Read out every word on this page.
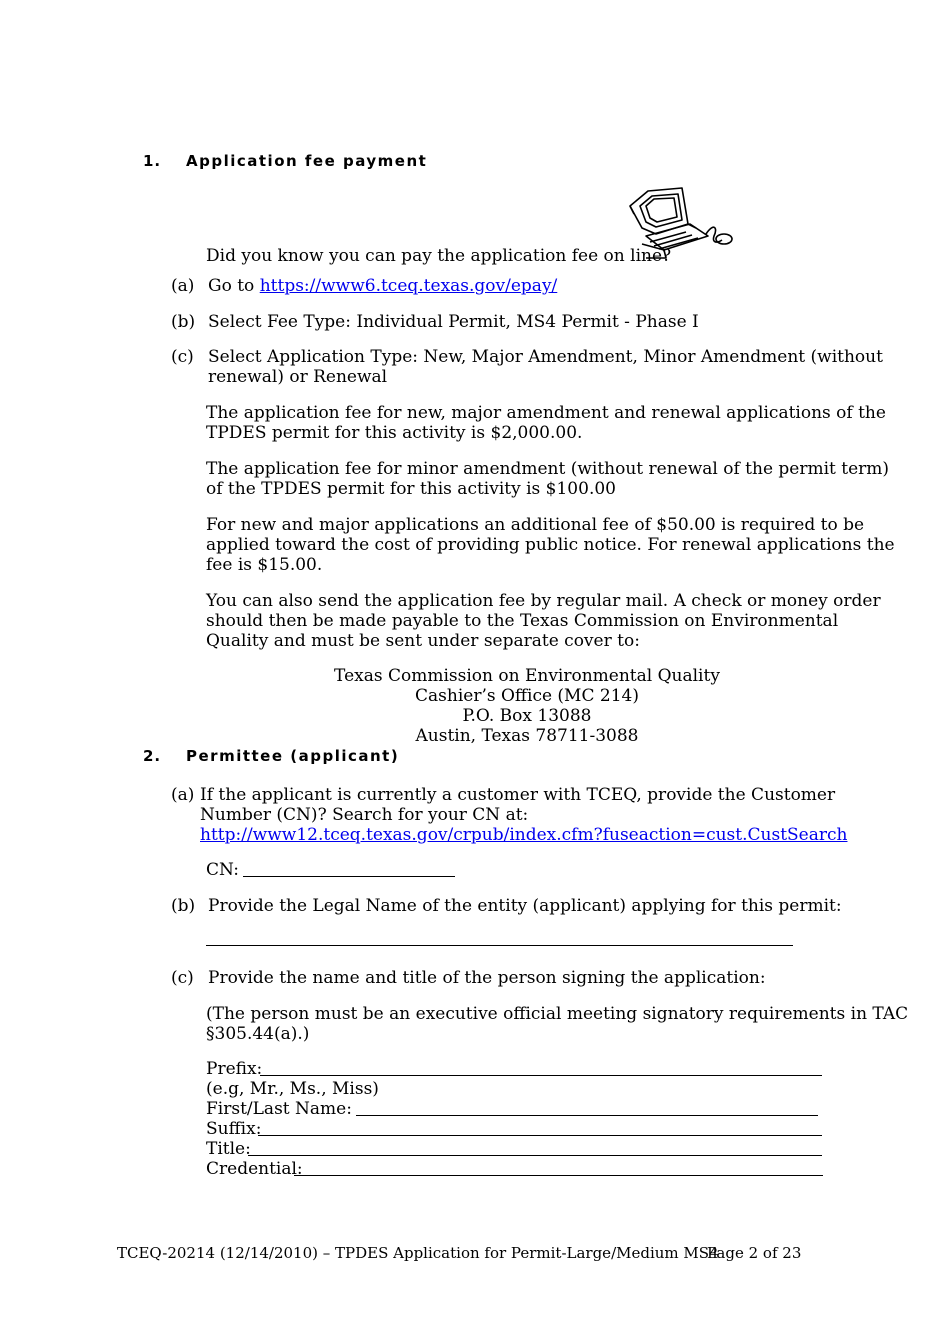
1. Application fee payment
Did you know you can pay the application fee on line?
(a) Go to https://www6.tceq.texas.gov/epay/
(b) Select Fee Type: Individual Permit, MS4 Permit - Phase I
(c) Select Application Type: New, Major Amendment, Minor Amendment (without
renewal) or Renewal
The application fee for new, major amendment and renewal applications of the
TPDES permit for this activity is $2,000.00.
The application fee for minor amendment (without renewal of the permit term)
of the TPDES permit for this activity is $100.00
For new and major applications an additional fee of $50.00 is required to be
applied toward the cost of providing public notice. For renewal applications the
fee is $15.00.
You can also send the application fee by regular mail. A check or money order
should then be made payable to the Texas Commission on Environmental
Quality and must be sent under separate cover to:
Texas Commission on Environmental Quality
Cashier’s Office (MC 214)
P.O. Box 13088
Austin, Texas 78711-3088
2. Permittee (applicant)
(a) If the applicant is currently a customer with TCEQ, provide the Customer
Number (CN)? Search for your CN at:
http://www12.tceq.texas.gov/crpub/index.cfm?fuseaction=cust.CustSearch
CN:
(b) Provide the Legal Name of the entity (applicant) applying for this permit:
(c) Provide the name and title of the person signing the application:
(The person must be an executive official meeting signatory requirements in TAC
§305.44(a).)
Prefix:
(e.g, Mr., Ms., Miss)
First/Last Name:
Suffix:
Title:
Credential:
TCEQ-20214 (12/14/2010) – TPDES Application for Permit-Large/Medium MS4
Page 2 of 23
